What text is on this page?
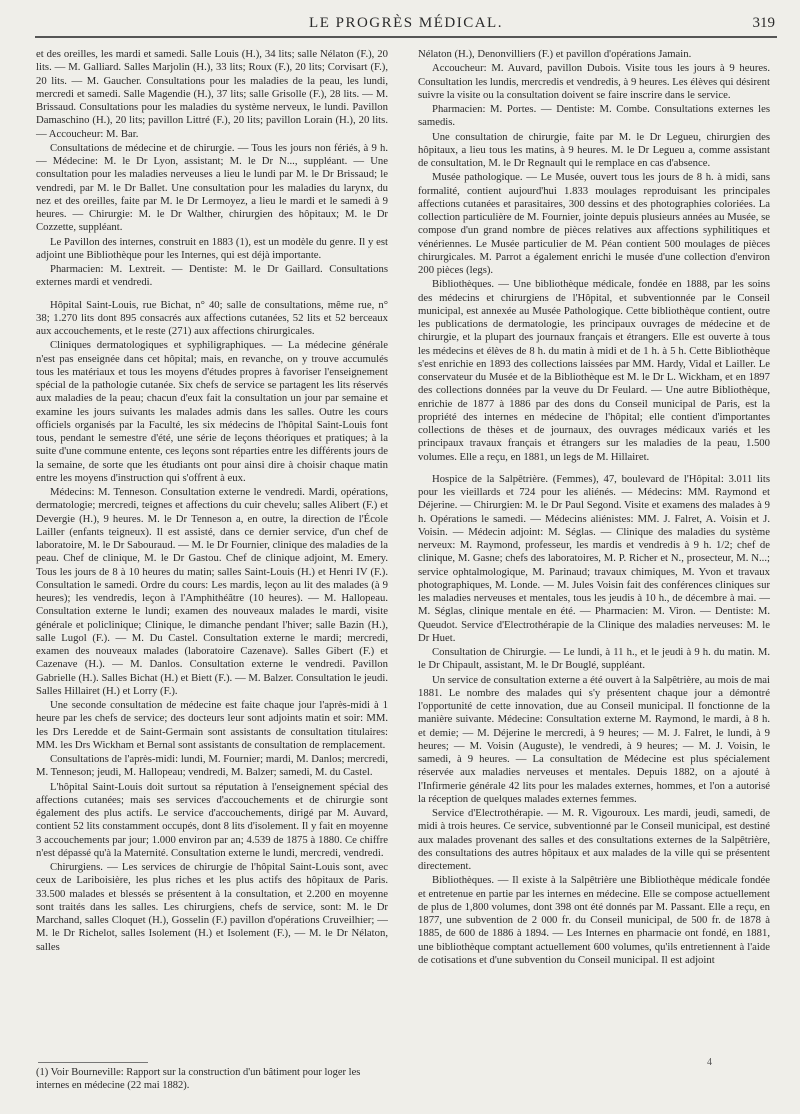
LE PROGRÈS MÉDICAL.	319

et des oreilles, les mardi et samedi. Salle Louis (H.), 34 lits; salle Nélaton (F.), 20 lits. — M. Galliard. Salles Marjolin (H.), 33 lits; Roux (F.), 20 lits; Corvisart (F.), 20 lits. — M. Gaucher. Consultations pour les maladies de la peau, les lundi, mercredi et samedi. Salle Magendie (H.), 37 lits; salle Grisolle (F.), 28 lits. — M. Brissaud. Consultations pour les maladies du système nerveux, le lundi. Pavillon Damaschino (H.), 20 lits; pavillon Littré (F.), 20 lits; pavillon Lorain (H.), 20 lits. — Accoucheur: M. Bar.

Consultations de médecine et de chirurgie. — Tous les jours non fériés, à 9 h. — Médecine: M. le Dr Lyon, assistant; M. le Dr N..., suppléant. — Une consultation pour les maladies nerveuses a lieu le lundi par M. le Dr Brissaud; le vendredi, par M. le Dr Ballet. Une consultation pour les maladies du larynx, du nez et des oreilles, faite par M. le Dr Lermoyez, a lieu le mardi et le samedi à 9 heures. — Chirurgie: M. le Dr Walther, chirurgien des hôpitaux; M. le Dr Cozzette, suppléant.

Le Pavillon des internes, construit en 1883 (1), est un modèle du genre. Il y est adjoint une Bibliothèque pour les Internes, qui est déjà importante.

Pharmacien: M. Lextreit. — Dentiste: M. le Dr Gaillard. Consultations externes mardi et vendredi.

Hôpital Saint-Louis, rue Bichat, n° 40; salle de consultations, même rue, n° 38; 1.270 lits dont 895 consacrés aux affections cutanées, 52 lits et 52 berceaux aux accouchements, et le reste (271) aux affections chirurgicales.

Cliniques dermatologiques et syphiligraphiques. — La médecine générale n'est pas enseignée dans cet hôpital; mais, en revanche, on y trouve accumulés tous les matériaux et tous les moyens d'études propres à favoriser l'enseignement spécial de la pathologie cutanée. Six chefs de service se partagent les lits réservés aux maladies de la peau; chacun d'eux fait la consultation un jour par semaine et examine les jours suivants les malades admis dans les salles. Outre les cours officiels organisés par la Faculté, les six médecins de l'hôpital Saint-Louis font tous, pendant le semestre d'été, une série de leçons théoriques et pratiques; à la suite d'une commune entente, ces leçons sont réparties entre les différents jours de la semaine, de sorte que les étudiants ont pour ainsi dire à choisir chaque matin entre les moyens d'instruction qui s'offrent à eux.

Médecins: M. Tenneson. Consultation externe le vendredi. Mardi, opérations, dermatologie; mercredi, teignes et affections du cuir chevelu; salles Alibert (F.) et Devergie (H.), 9 heures. M. le Dr Tenneson a, en outre, la direction de l'École Lailler (enfants teigneux). Il est assisté, dans ce dernier service, d'un chef de laboratoire, M. le Dr Sabouraud. — M. le Dr Fournier, clinique des maladies de la peau. Chef de clinique, M. le Dr Gastou. Chef de clinique adjoint, M. Emery. Tous les jours de 8 à 10 heures du matin; salles Saint-Louis (H.) et Henri IV (F.). Consultation le samedi. Ordre du cours: Les mardis, leçon au lit des malades (à 9 heures); les vendredis, leçon à l'Amphithéâtre (10 heures). — M. Hallopeau. Consultation externe le lundi; examen des nouveaux malades le mardi, visite générale et policlinique; Clinique, le dimanche pendant l'hiver; salle Bazin (H.), salle Lugol (F.). — M. Du Castel. Consultation externe le mardi; mercredi, examen des nouveaux malades (laboratoire Cazenave). Salles Gibert (F.) et Cazenave (H.). — M. Danlos. Consultation externe le vendredi. Pavillon Gabrielle (H.). Salles Bichat (H.) et Biett (F.). — M. Balzer. Consultation le jeudi. Salles Hillairet (H.) et Lorry (F.).

Une seconde consultation de médecine est faite chaque jour l'après-midi à 1 heure par les chefs de service; des docteurs leur sont adjoints matin et soir: MM. les Drs Leredde et de Saint-Germain sont assistants de consultation titulaires: MM. les Drs Wickham et Bernal sont assistants de consultation de remplacement.

Consultations de l'après-midi: lundi, M. Fournier; mardi, M. Danlos; mercredi, M. Tenneson; jeudi, M. Hallopeau; vendredi, M. Balzer; samedi, M. du Castel.

L'hôpital Saint-Louis doit surtout sa réputation à l'enseignement spécial des affections cutanées; mais ses services d'accouchements et de chirurgie sont également des plus actifs. Le service d'accouchements, dirigé par M. Auvard, contient 52 lits constamment occupés, dont 8 lits d'isolement. Il y fait en moyenne 3 accouchements par jour; 1.000 environ par an; 4.539 de 1875 à 1880. Ce chiffre n'est dépassé qu'à la Maternité. Consultation externe le lundi, mercredi, vendredi.

Chirurgiens. — Les services de chirurgie de l'hôpital Saint-Louis sont, avec ceux de Lariboisière, les plus riches et les plus actifs des hôpitaux de Paris. 33.500 malades et blessés se présentent à la consultation, et 2.200 en moyenne sont traités dans les salles. Les chirurgiens, chefs de service, sont: M. le Dr Marchand, salles Cloquet (H.), Gosselin (F.) pavillon d'opérations Cruveilhier; — M. le Dr Richelot, salles Isolement (H.) et Isolement (F.), — M. le Dr Nélaton, salles

Nélaton (H.), Denonvilliers (F.) et pavillon d'opérations Jamain.

Accoucheur: M. Auvard, pavillon Dubois. Visite tous les jours à 9 heures. Consultation les lundis, mercredis et vendredis, à 9 heures. Les élèves qui désirent suivre la visite ou la consultation doivent se faire inscrire dans le service.

Pharmacien: M. Portes. — Dentiste: M. Combe. Consultations externes les samedis.

Une consultation de chirurgie, faite par M. le Dr Legueu, chirurgien des hôpitaux, a lieu tous les matins, à 9 heures. M. le Dr Legueu a, comme assistant de consultation, M. le Dr Regnault qui le remplace en cas d'absence.

Musée pathologique. — Le Musée, ouvert tous les jours de 8 h. à midi, sans formalité, contient aujourd'hui 1.833 moulages reproduisant les principales affections cutanées et parasitaires, 300 dessins et des photographies coloriées. La collection particulière de M. Fournier, jointe depuis plusieurs années au Musée, se compose d'un grand nombre de pièces relatives aux affections syphilitiques et vénériennes. Le Musée particulier de M. Péan contient 500 moulages de pièces chirurgicales. M. Parrot a également enrichi le musée d'une collection d'environ 200 pièces (legs).

Bibliothèques. — Une bibliothèque médicale, fondée en 1888, par les soins des médecins et chirurgiens de l'Hôpital, et subventionnée par le Conseil municipal, est annexée au Musée Pathologique. Cette bibliothèque contient, outre les publications de dermatologie, les principaux ouvrages de médecine et de chirurgie, et la plupart des journaux français et étrangers. Elle est ouverte à tous les médecins et élèves de 8 h. du matin à midi et de 1 h. à 5 h. Cette Bibliothèque s'est enrichie en 1893 des collections laissées par MM. Hardy, Vidal et Lailler. Le conservateur du Musée et de la Bibliothèque est M. le Dr L. Wickham, et en 1897 des collections données par la veuve du Dr Feulard. — Une autre Bibliothèque, enrichie de 1877 à 1886 par des dons du Conseil municipal de Paris, est la propriété des internes en médecine de l'hôpital; elle contient d'importantes collections de thèses et de journaux, des ouvrages médicaux variés et les principaux travaux français et étrangers sur les maladies de la peau, 1.500 volumes. Elle a reçu, en 1881, un legs de M. Hillairet.

Hospice de la Salpêtrière. (Femmes), 47, boulevard de l'Hôpital: 3.011 lits pour les vieillards et 724 pour les aliénés. — Médecins: MM. Raymond et Déjerine. — Chirurgien: M. le Dr Paul Segond. Visite et examens des malades à 9 h. Opérations le samedi. — Médecins aliénistes: MM. J. Falret, A. Voisin et J. Voisin. — Médecin adjoint: M. Séglas. — Clinique des maladies du système nerveux: M. Raymond, professeur, les mardis et vendredis à 9 h. 1/2; chef de clinique, M. Gasne; chefs des laboratoires, M. P. Richer et N., prosecteur, M. N...; service ophtalmologique, M. Parinaud; travaux chimiques, M. Yvon et travaux photographiques, M. Londe. — M. Jules Voisin fait des conférences cliniques sur les maladies nerveuses et mentales, tous les jeudis à 10 h., de décembre à mai. — M. Séglas, clinique mentale en été. — Pharmacien: M. Viron. — Dentiste: M. Queudot. Service d'Electrothérapie de la Clinique des maladies nerveuses: M. le Dr Huet.

Consultation de Chirurgie. — Le lundi, à 11 h., et le jeudi à 9 h. du matin. M. le Dr Chipault, assistant, M. le Dr Bouglé, suppléant.

Un service de consultation externe a été ouvert à la Salpêtrière, au mois de mai 1881. Le nombre des malades qui s'y présentent chaque jour a démontré l'opportunité de cette innovation, due au Conseil municipal. Il fonctionne de la manière suivante. Médecine: Consultation externe M. Raymond, le mardi, à 8 h. et demie; — M. Déjerine le mercredi, à 9 heures; — M. J. Falret, le lundi, à 9 heures; — M. Voisin (Auguste), le vendredi, à 9 heures; — M. J. Voisin, le samedi, à 9 heures. — La consultation de Médecine est plus spécialement réservée aux maladies nerveuses et mentales. Depuis 1882, on a ajouté à l'Infirmerie générale 42 lits pour les malades externes, hommes, et l'on a autorisé la réception de quelques malades externes femmes.

Service d'Electrothérapie. — M. R. Vigouroux. Les mardi, jeudi, samedi, de midi à trois heures. Ce service, subventionné par le Conseil municipal, est destiné aux malades provenant des salles et des consultations externes de la Salpêtrière, des consultations des autres hôpitaux et aux malades de la ville qui se présentent directement.

Bibliothèques. — Il existe à la Salpêtrière une Bibliothèque médicale fondée et entretenue en partie par les internes en médecine. Elle se compose actuellement de plus de 1,800 volumes, dont 398 ont été donnés par M. Passant. Elle a reçu, en 1877, une subvention de 2 000 fr. du Conseil municipal, de 500 fr. de 1878 à 1885, de 600 de 1886 à 1894. — Les Internes en pharmacie ont fondé, en 1881, une bibliothèque comptant actuellement 600 volumes, qu'ils entretiennent à l'aide de cotisations et d'une subvention du Conseil municipal. Il est adjoint

(1) Voir Bourneville: Rapport sur la construction d'un bâtiment pour loger les internes en médecine (22 mai 1882).
4
